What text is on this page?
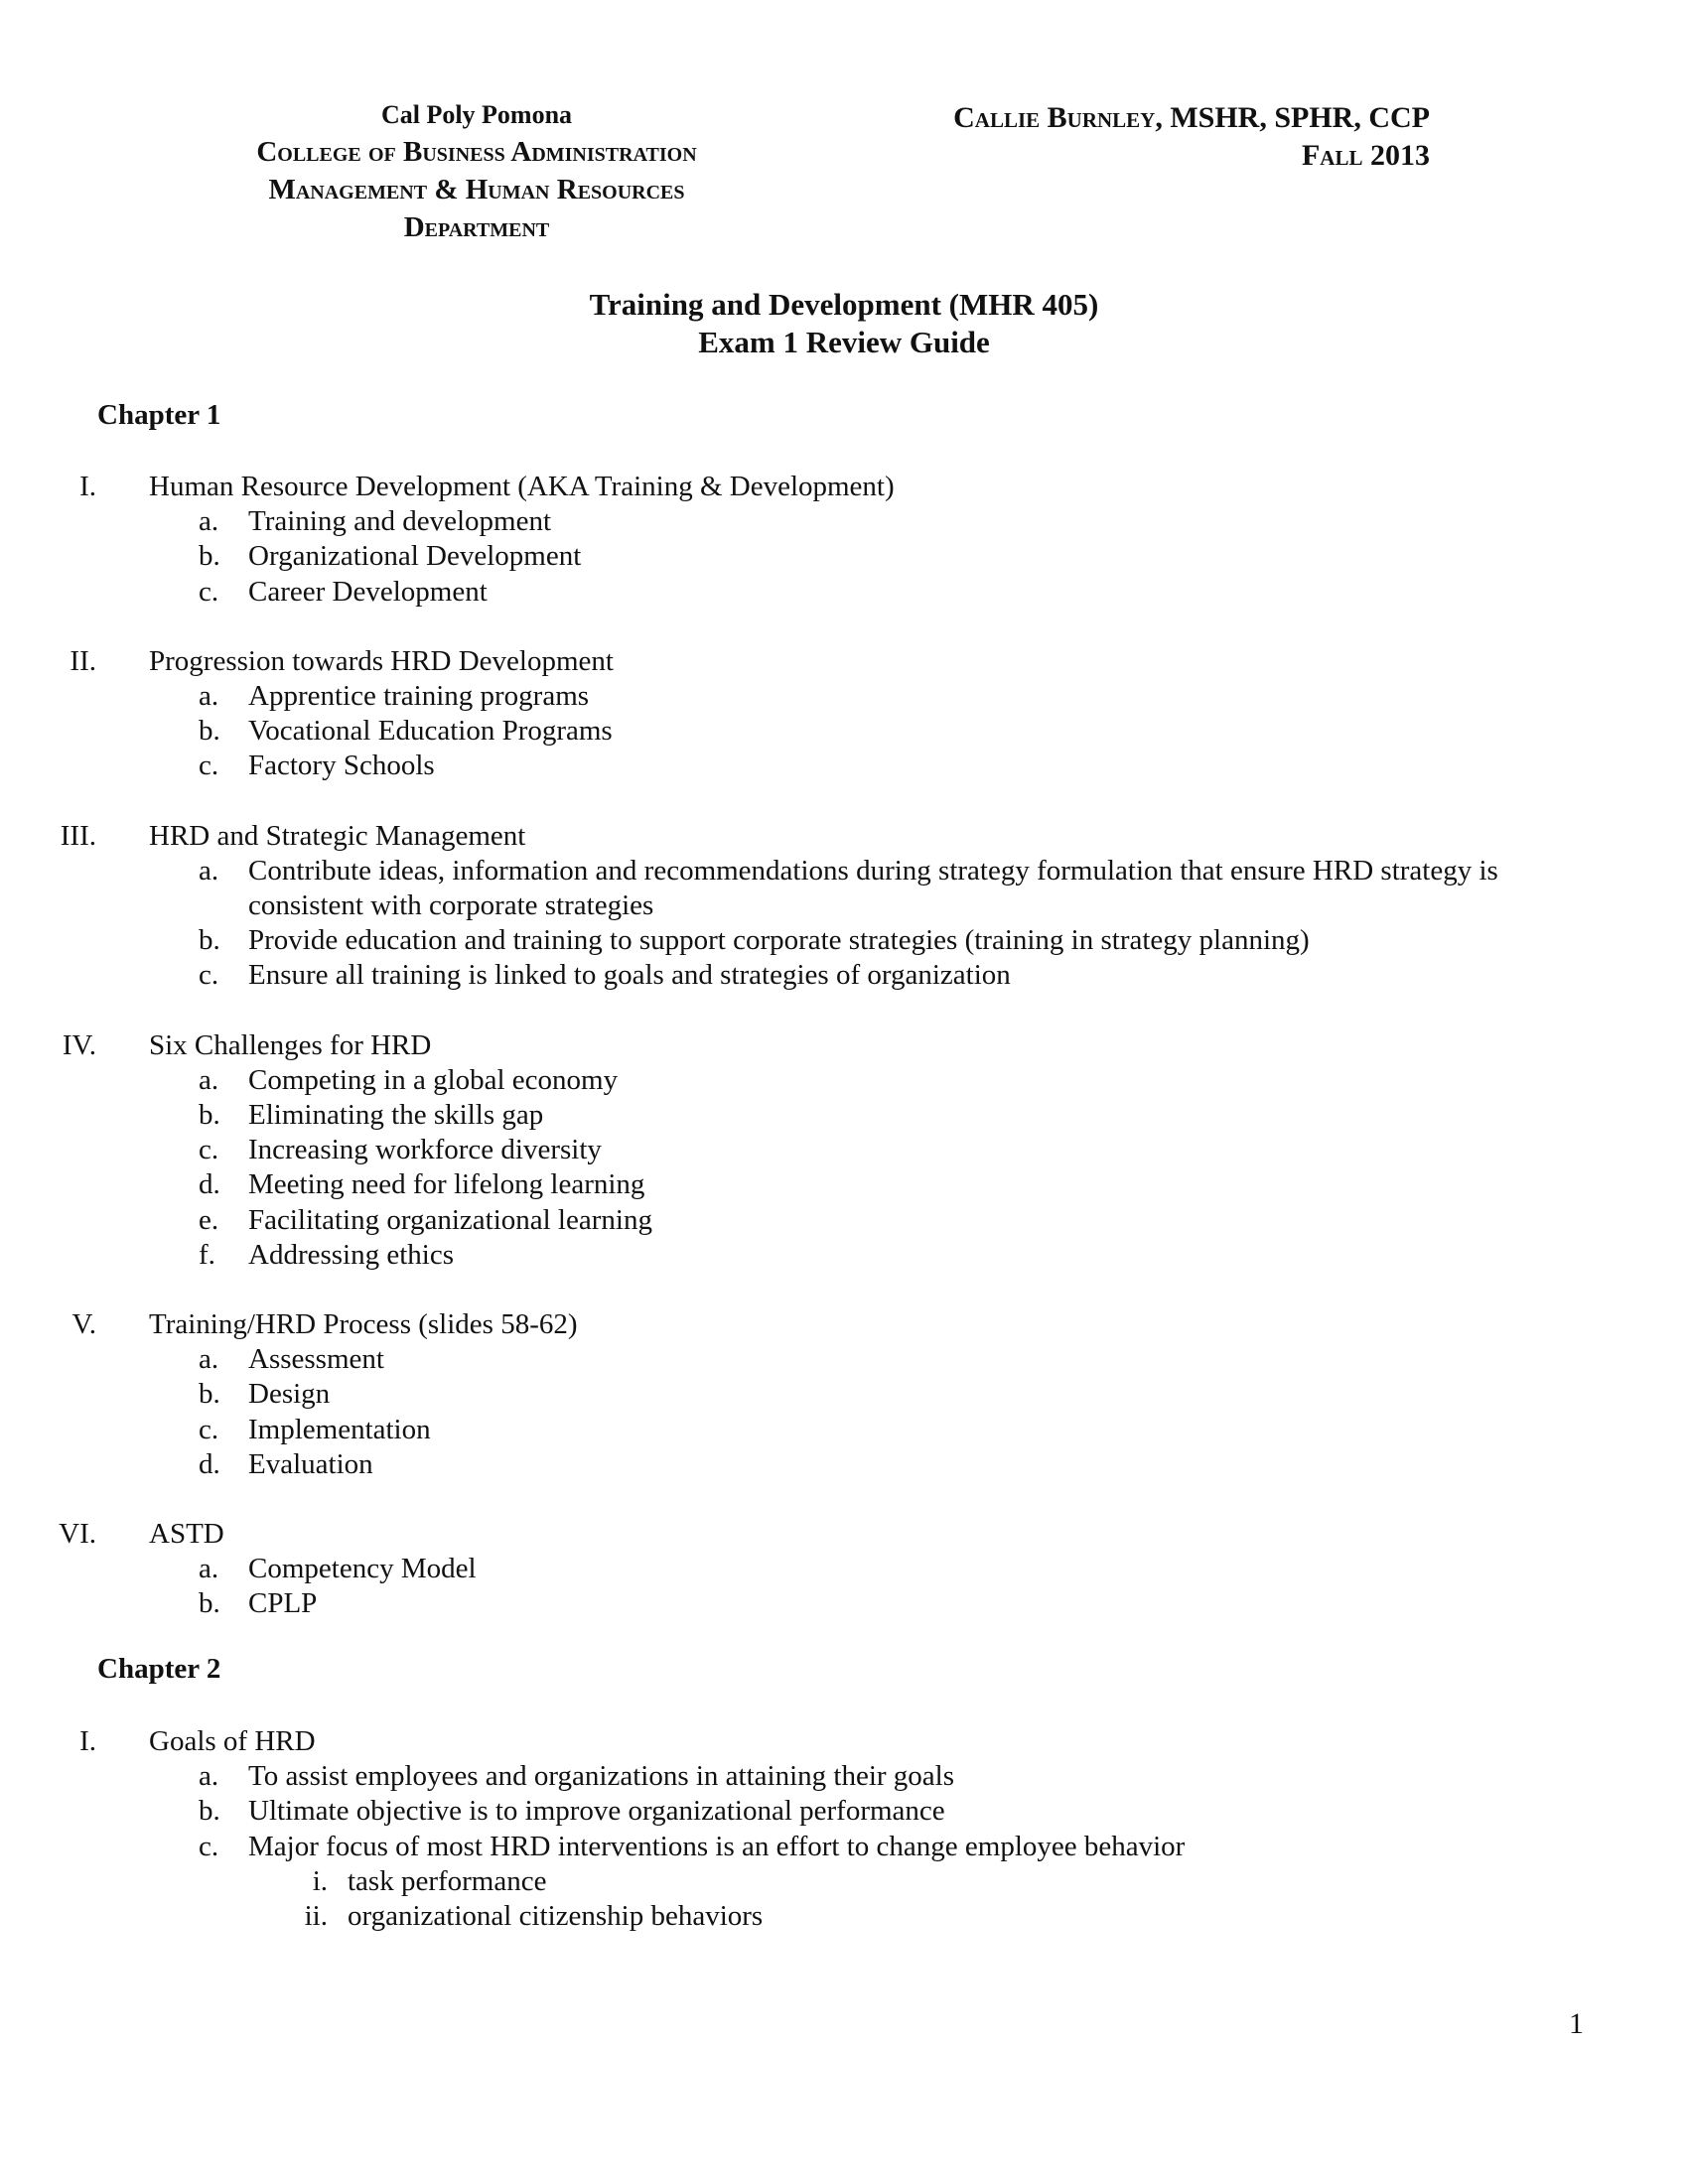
Cal Poly Pomona
College of Business Administration
Management & Human Resources
Department
Callie Burnley, MSHR, SPHR, CCP
Fall 2013
Training and Development (MHR 405)
Exam 1 Review Guide
Chapter 1
I. Human Resource Development (AKA Training & Development)
a.	Training and development
b. Organizational Development
c.	Career Development
II. Progression towards HRD Development
a.	Apprentice training programs
b. Vocational Education Programs
c.	Factory Schools
III. HRD and Strategic Management
a.	Contribute ideas, information and recommendations during strategy formulation that ensure HRD strategy is consistent with corporate strategies
b. Provide education and training to support corporate strategies (training in strategy planning)
c.	Ensure all training is linked to goals and strategies of organization
IV. Six Challenges for HRD
a.	Competing in a global economy
b. Eliminating the skills gap
c.	Increasing workforce diversity
d. Meeting need for lifelong learning
e.	Facilitating organizational learning
f.	Addressing ethics
V. Training/HRD Process (slides 58-62)
a.	Assessment
b. Design
c.	Implementation
d. Evaluation
VI. ASTD
a.	Competency Model
b. CPLP
Chapter 2
I. Goals of HRD
a.	To assist employees and organizations in attaining their goals
b. Ultimate objective is to improve organizational performance
c.	Major focus of most HRD interventions is an effort to change employee behavior
i. task performance
ii. organizational citizenship behaviors
1
